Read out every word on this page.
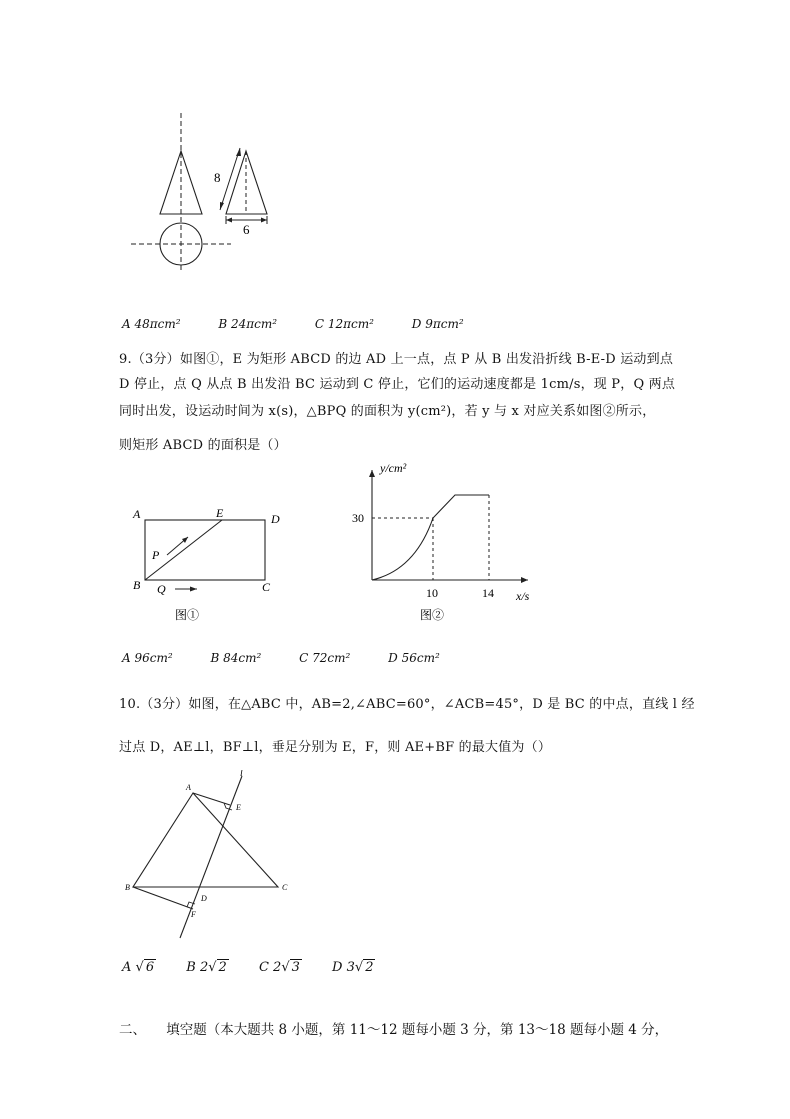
8
6
A 48πcm²	B 24πcm²	C 12πcm²	D 9πcm²
9.（3分）如图①，E 为矩形 ABCD 的边 AD 上一点，点 P 从 B 出发沿折线 B-E-D 运动到点
D 停止，点 Q 从点 B 出发沿 BC 运动到 C 停止，它们的运动速度都是 1cm/s，现 P，Q 两点
同时出发，设运动时间为 x(s)，△BPQ 的面积为 y(cm²)，若 y 与 x 对应关系如图②所示，
则矩形 ABCD 的面积是（）
A	E	D
P
B Q	C
图①
y/cm²
x/s
30
10	14
图②
A 96cm²	B 84cm²	C 72cm²	D 56cm²
10.（3分）如图，在△ABC 中，AB=2,∠ABC=60°，∠ACB=45°，D 是 BC 的中点，直线 l 经
过点 D，AE⊥l，BF⊥l，垂足分别为 E，F，则 AE+BF 的最大值为（）
l
A
E
B	C
D
F
A √ 6 B 2√ 2 C 2√ 3 D 3√ 2
二、　　填空题（本大题共 8 小题，第 11～12 题每小题 3 分，第 13～18 题每小题 4 分，
